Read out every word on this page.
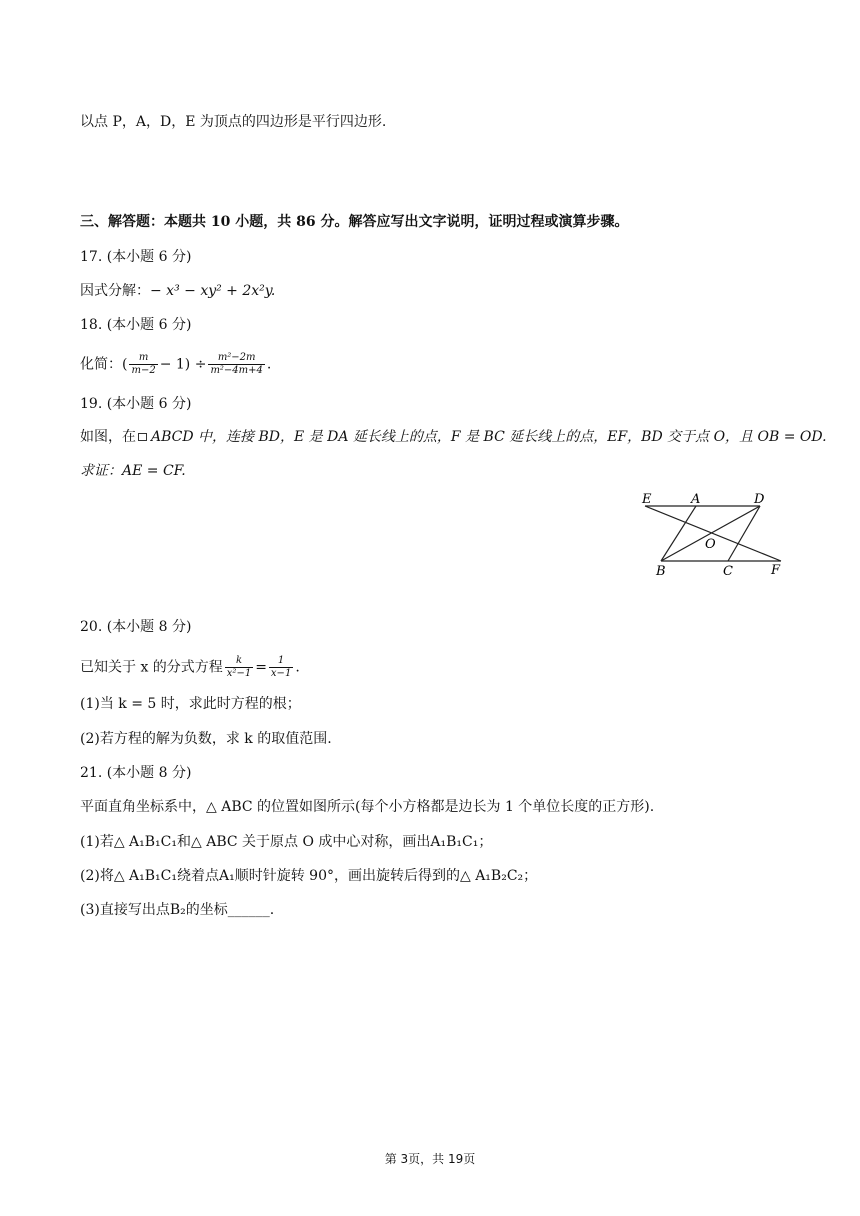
以点 P，A，D，E 为顶点的四边形是平行四边形.
三、解答题：本题共 10 小题，共 86 分。解答应写出文字说明，证明过程或演算步骤。
17. (本小题 6 分)
因式分解：− x³ − xy² + 2x²y.
18. (本小题 6 分)
化简：( $\frac{m}{m-2} - 1) \div \frac{\text{m²−2m}}{\text{m²−4m+4}}$ .
19. (本小题 6 分)
如图，在 ABCD 中，连接 BD，E 是 DA 延长线上的点，F 是 BC 延长线上的点，EF，BD 交于点 O，且 OB = OD.
求证：AE = CF.
E	A	D
O
B	C	F
20. (本小题 8 分)
已知关于 x 的分式方程 $\frac{k}{\text{x²−1}} = \frac{1}{x-1}$ .
(1)当 k = 5 时，求此时方程的根；
(2)若方程的解为负数，求 k 的取值范围.
21. (本小题 8 分)
平面直角坐标系中，△ ABC 的位置如图所示(每个小方格都是边长为 1 个单位长度的正方形).
(1)若△ A₁B₁C₁和△ ABC 关于原点 O 成中心对称，画出A₁B₁C₁；
(2)将△ A₁B₁C₁绕着点A₁顺时针旋转 90°，画出旋转后得到的△ A₁B₂C₂；
(3)直接写出点B₂的坐标______.
第 3页，共 19页
